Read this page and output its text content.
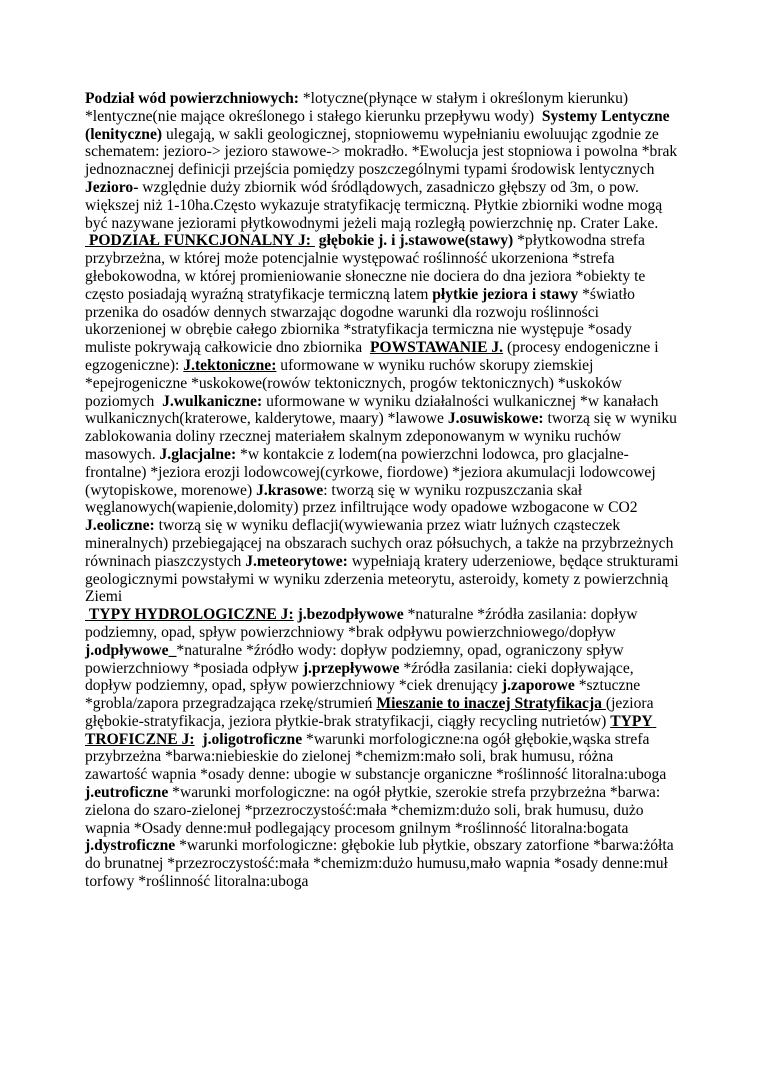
Podział wód powierzchniowych: *lotyczne(płynące w stałym i określonym kierunku) *lentyczne(nie mające określonego i stałego kierunku przepływu wody)  Systemy Lentyczne (lenityczne) ulegają, w sakli geologicznej, stopniowemu wypełnianiu ewoluując zgodnie ze schematem: jezioro-> jezioro stawowe-> mokradło. *Ewolucja jest stopniowa i powolna *brak jednoznacznej definicji przejścia pomiędzy poszczególnymi typami środowisk lentycznych Jezioro- względnie duży zbiornik wód śródlądowych, zasadniczo głębszy od 3m, o pow. większej niż 1-10ha.Często wykazuje stratyfikację termiczną. Płytkie zbiorniki wodne mogą być nazywane jeziorami płytkowodnymi jeżeli mają rozległą powierzchnię np. Crater Lake.

PODZIAŁ FUNKCJONALNY J:  głębokie j. i j.stawowe(stawy) *płytkowodna strefa przybrzeżna, w której może potencjalnie występować roślinność ukorzeniona *strefa głebokowodna, w której promieniowanie słoneczne nie dociera do dna jeziora *obiekty te często posiadają wyraźną stratyfikacje termiczną latem płytkie jeziora i stawy *światło przenika do osadów dennych stwarzając dogodne warunki dla rozwoju roślinności ukorzenionej w obrębie całego zbiornika *stratyfikacja termiczna nie występuje *osady muliste pokrywają całkowicie dno zbiornika  POWSTAWANIE J. (procesy endogeniczne i egzogeniczne): J.tektoniczne: uformowane w wyniku ruchów skorupy ziemskiej *epejrogeniczne *uskokowe(rowów tektonicznych, progów tektonicznych) *uskoków poziomych  J.wulkaniczne: uformowane w wyniku działalności wulkanicznej *w kanałach wulkanicznych(kraterowe, kalderytowe, maary) *lawowe J.osuwiskowe: tworzą się w wyniku zablokowania doliny rzecznej materiałem skalnym zdeponowanym w wyniku ruchów masowych. J.glacjalne: *w kontakcie z lodem(na powierzchni lodowca, pro glacjalne-frontalne) *jeziora erozji lodowcowej(cyrkowe, fiordowe) *jeziora akumulacji lodowcowej (wytopiskowe, morenowe) J.krasowe: tworzą się w wyniku rozpuszczania skał węglanowych(wapienie,dolomity) przez infiltrujące wody opadowe wzbogacone w CO2 J.eoliczne: tworzą się w wyniku deflacji(wywiewania przez wiatr luźnych cząsteczek mineralnych) przebiegającej na obszarach suchych oraz półsuchych, a także na przybrzeżnych równinach piaszczystych J.meteorytowe: wypełniają kratery uderzeniowe, będące strukturami geologicznymi powstałymi w wyniku zderzenia meteorytu, asteroidy, komety z powierzchnią Ziemi

TYPY HYDROLOGICZNE J: j.bezodpływowe *naturalne *źródła zasilania: dopływ podziemny, opad, spływ powierzchniowy *brak odpływu powierzchniowego/dopływ j.odpływowe_*naturalne *źródło wody: dopływ podziemny, opad, ograniczony spływ powierzchniowy *posiada odpływ j.przepływowe *źródła zasilania: cieki dopływające, dopływ podziemny, opad, spływ powierzchniowy *ciek drenujący j.zaporowe *sztuczne *grobla/zapora przegradzająca rzekę/strumień Mieszanie to inaczej Stratyfikacja (jeziora głębokie-stratyfikacja, jeziora płytkie-brak stratyfikacji, ciągły recycling nutrietów) TYPY TROFICZNE J:  j.oligotroficzne *warunki morfologiczne:na ogół głębokie,wąska strefa przybrzeżna *barwa:niebieskie do zielonej *chemizm:mało soli, brak humusu, różna zawartość wapnia *osady denne: ubogie w substancje organiczne *roślinność litoralna:uboga j.eutroficzne *warunki morfologiczne: na ogół płytkie, szerokie strefa przybrzeżna *barwa: zielona do szaro-zielonej *przezroczystość:mała *chemizm:dużo soli, brak humusu, dużo wapnia *Osady denne:muł podlegający procesom gnilnym *roślinność litoralna:bogata j.dystroficzne *warunki morfologiczne: głębokie lub płytkie, obszary zatorfione *barwa:żółta do brunatnej *przezroczystość:mała *chemizm:dużo humusu,mało wapnia *osady denne:muł torfowy *roślinność litoralna:uboga
